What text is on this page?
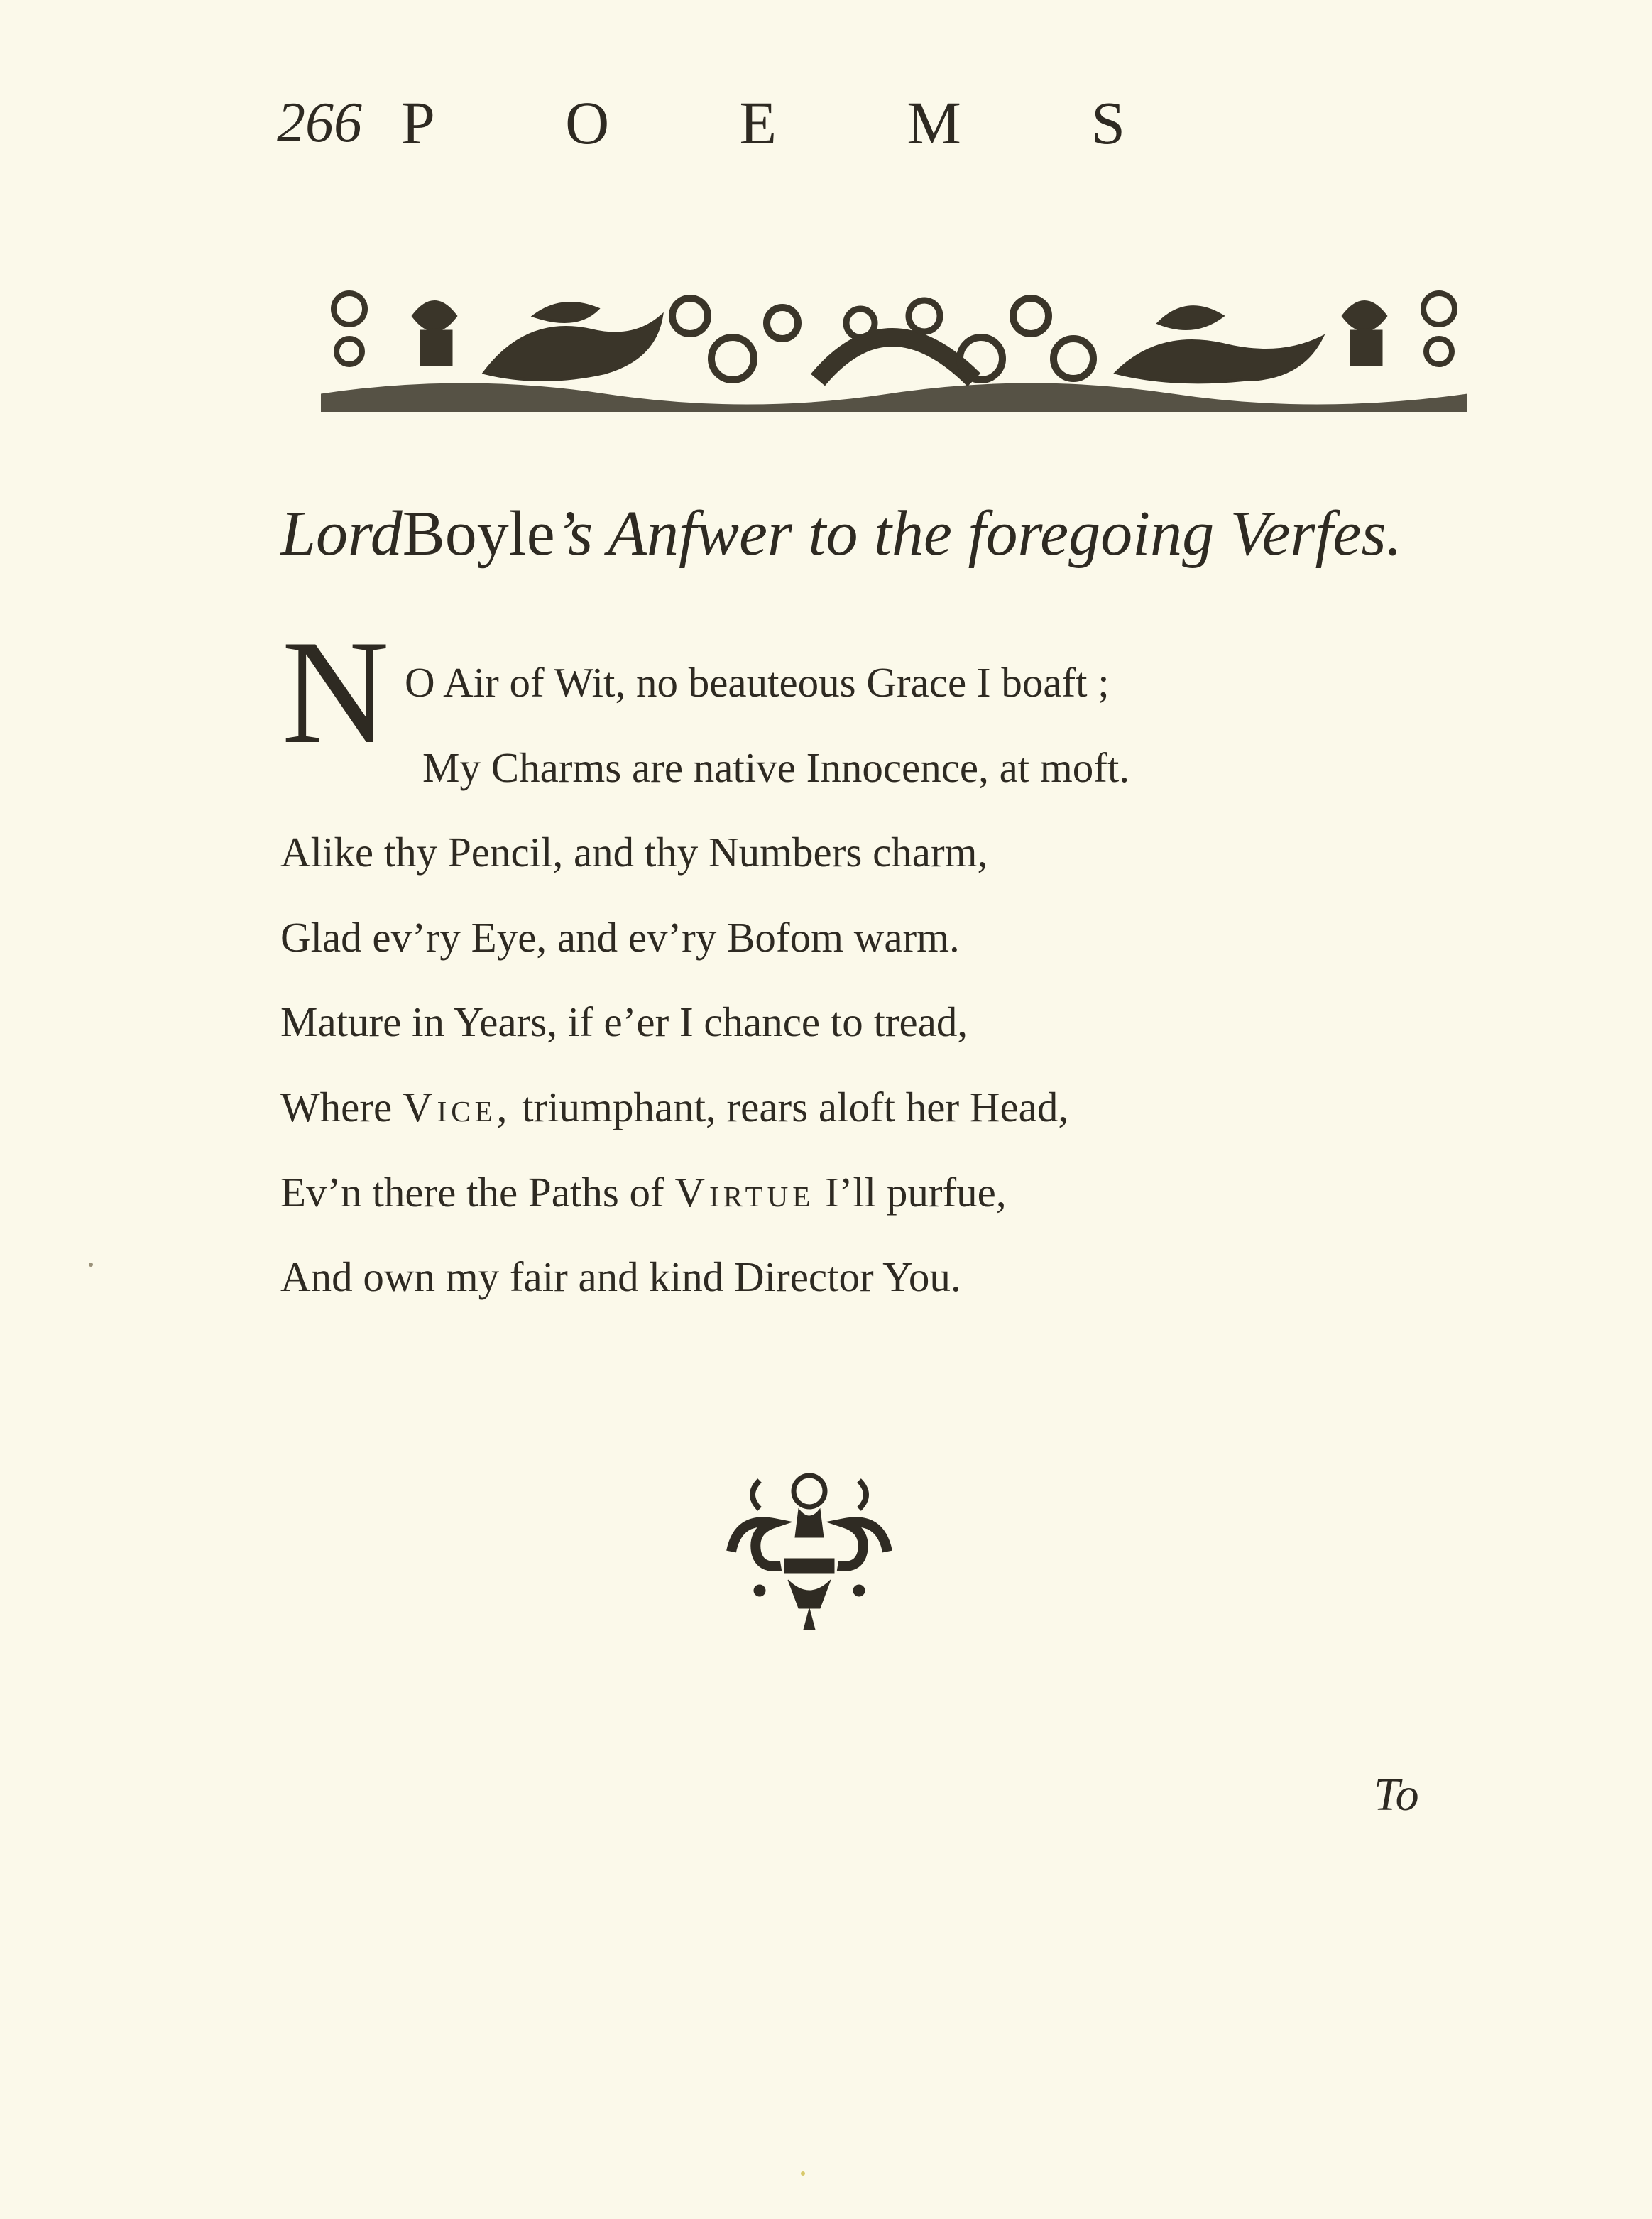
266 P O E M S
LordBoyle’s Anfwer to the foregoing Verfes.
N O Air of Wit, no beauteous Grace I boaft ;
My Charms are native Innocence, at moft.
Alike thy Pencil, and thy Numbers charm,
Glad ev’ry Eye, and ev’ry Bofom warm.
Mature in Years, if e’er I chance to tread,
Where Vice, triumphant, rears aloft her Head,
Ev’n there the Paths of Virtue I’ll purfue,
And own my fair and kind Director You.
To
